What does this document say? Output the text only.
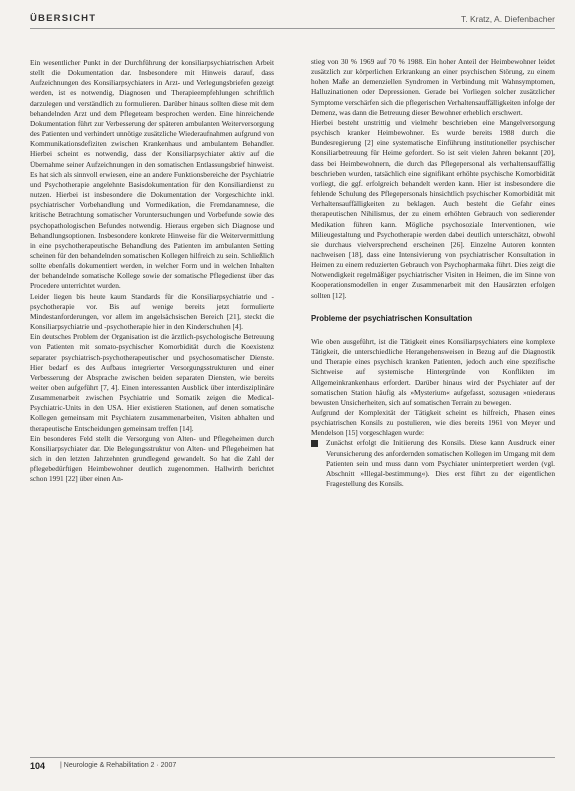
ÜBERSICHT	T. Kratz, A. Diefenbacher

Ein wesentlicher Punkt in der Durchführung der konsiliarpsychiatrischen Arbeit stellt die Dokumentation dar. Insbesondere mit Hinweis darauf, dass Aufzeichnungen des Konsiliarpsychiaters in Arzt- und Verlegungsbriefen gezeigt werden, ist es notwendig, Diagnosen und Therapieempfehlungen schriftlich darzulegen und verständlich zu formulieren. Darüber hinaus sollten diese mit dem behandelnden Arzt und dem Pflegeteam besprochen werden. Eine hinreichende Dokumentation führt zur Verbesserung der späteren ambulanten Weiterversorgung des Patienten und verhindert unnötige zusätzliche Wiederaufnahmen aufgrund von Kommunikationsdefiziten zwischen Krankenhaus und ambulantem Behandler. Hierbei scheint es notwendig, dass der Konsiliarpsychiater aktiv auf die Übernahme seiner Aufzeichnungen in den somatischen Entlassungsbrief hinweist. Es hat sich als sinnvoll erwiesen, eine an andere Funktionsbereiche der Psychiatrie und Psychotherapie angelehnte Basisdokumentation für den Konsiliardienst zu nutzen. Hierbei ist insbesondere die Dokumentation der Vorgeschichte inkl. psychiatrischer Vorbehandlung und Vormedikation, die Fremdanamnese, die kritische Betrachtung somatischer Voruntersuchungen und Vorbefunde sowie des psychopathologischen Befundes notwendig. Hieraus ergeben sich Diagnose und Behandlungsoptionen. Insbesondere konkrete Hinweise für die Weitervermittlung in eine psychotherapeutische Behandlung des Patienten im ambulanten Setting scheinen für den behandelnden somatischen Kollegen hilfreich zu sein. Schließlich sollte ebenfalls dokumentiert werden, in welcher Form und in welchen Inhalten der behandelnde somatische Kollege sowie der somatische Pflegedienst über das Procedere unterrichtet wurden.

Leider liegen bis heute kaum Standards für die Konsiliarpsychiatrie und -psychotherapie vor. Bis auf wenige bereits jetzt formulierte Mindestanforderungen, vor allem im angelsächsischen Bereich [21], steckt die Konsiliarpsychiatrie und -psychotherapie hier in den Kinderschuhen [4].

Ein deutsches Problem der Organisation ist die ärztlich-psychologische Betreuung von Patienten mit somato-psychischer Komorbidität durch die Koexistenz separater psychiatrisch-psychotherapeutischer und psychosomatischer Dienste. Hier bedarf es des Aufbaus integrierter Versorgungsstrukturen und einer Verbesserung der Absprache zwischen beiden separaten Diensten, wie bereits weiter oben aufgeführt [7, 4]. Einen interessanten Ausblick über interdisziplinäre Zusammenarbeit zwischen Psychiatrie und Somatik zeigen die Medical-Psychiatric-Units in den USA. Hier existieren Stationen, auf denen somatische Kollegen gemeinsam mit Psychiatern zusammenarbeiten, Visiten abhalten und therapeutische Entscheidungen gemeinsam treffen [14].

Ein besonderes Feld stellt die Versorgung von Alten- und Pflegeheimen durch Konsiliarpsychiater dar. Die Belegungsstruktur von Alten- und Pflegeheimen hat sich in den letzten Jahrzehnten grundlegend gewandelt. So hat die Zahl der pflegebedürftigen Heimbewohner deutlich zugenommen. Hallwirth berichtet schon 1991 [22] über einen An-

stieg von 30 % 1969 auf 70 % 1988. Ein hoher Anteil der Heimbewohner leidet zusätzlich zur körperlichen Erkrankung an einer psychischen Störung, zu einem hohen Maße an demenziellen Syndromen in Verbindung mit Wahnsymptomen, Halluzinationen oder Depressionen. Gerade bei Vorliegen solcher zusätzlicher Symptome verschärfen sich die pflegerischen Verhaltensauffälligkeiten infolge der Demenz, was dann die Betreuung dieser Bewohner erheblich erschwert.

Hierbei besteht unstrittig und vielmehr beschrieben eine Mangelversorgung psychisch kranker Heimbewohner. Es wurde bereits 1988 durch die Bundesregierung [2] eine systematische Einführung institutioneller psychischer Konsiliarbetreuung für Heime gefordert. So ist seit vielen Jahren bekannt [20], dass bei Heimbewohnern, die durch das Pflegepersonal als verhaltensauffällig beschrieben wurden, tatsächlich eine signifikant erhöhte psychische Komorbidität vorliegt, die ggf. erfolgreich behandelt werden kann. Hier ist insbesondere die fehlende Schulung des Pflegepersonals hinsichtlich psychischer Komorbidität mit Verhaltensauffälligkeiten zu beklagen. Auch besteht die Gefahr eines therapeutischen Nihilismus, der zu einem erhöhten Gebrauch von sedierender Medikation führen kann. Mögliche psychosoziale Interventionen, wie Milieugestaltung und Psychotherapie werden dabei deutlich unterschätzt, obwohl sie durchaus vielversprechend erscheinen [26]. Einzelne Autoren konnten nachweisen [18], dass eine Intensivierung von psychiatrischer Konsultation in Heimen zu einem reduzierten Gebrauch von Psychopharmaka führt. Dies zeigt die Notwendigkeit regelmäßiger psychiatrischer Visiten in Heimen, die im Sinne von Kooperationsmodellen in enger Zusammenarbeit mit den Hausärzten erfolgen sollten [12].

Probleme der psychiatrischen Konsultation

Wie oben ausgeführt, ist die Tätigkeit eines Konsiliarpsychiaters eine komplexe Tätigkeit, die unterschiedliche Herangehensweisen in Bezug auf die Diagnostik und Therapie eines psychisch kranken Patienten, jedoch auch eine spezifische Sichtweise auf systemische Hintergründe von Konflikten im Allgemeinkrankenhaus erfordert. Darüber hinaus wird der Psychiater auf der somatischen Station häufig als »Mysterium« aufgefasst, sozusagen »niederaus bewusten Unsicherheiten, sich auf somatischen Terrain zu bewegen.

Aufgrund der Komplexität der Tätigkeit scheint es hilfreich, Phasen eines psychiatrischen Konsils zu postulieren, wie dies bereits 1961 von Meyer und Mendelson [15] vorgeschlagen wurde:

Zunächst erfolgt die Initiierung des Konsils. Diese kann Ausdruck einer Verunsicherung des anfordernden somatischen Kollegen im Umgang mit dem Patienten sein und muss dann vom Psychiater uninterpretiert werden (vgl. Abschnitt »Illegal-bestimmung«). Dies erst führt zu der eigentlichen Fragestellung des Konsils.
104 | Neurologie & Rehabilitation 2 · 2007
